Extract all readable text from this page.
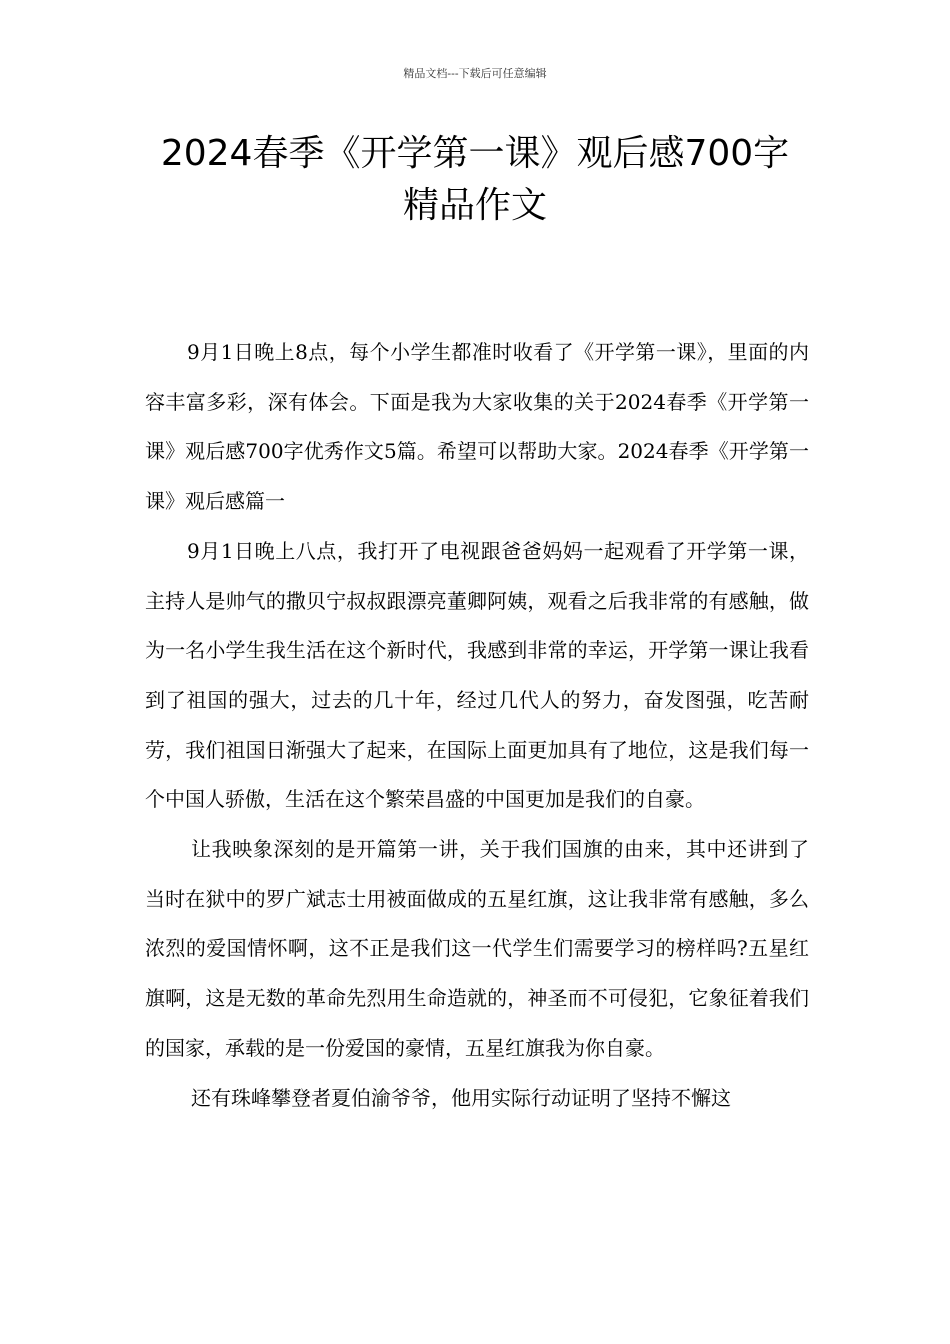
精品文档---下载后可任意编辑
2024春季《开学第一课》观后感700字
精品作文

9月1日晚上8点，每个小学生都准时收看了《开学第一课》，里面的内容丰富多彩，深有体会。下面是我为大家收集的关于2024春季《开学第一课》观后感700字优秀作文5篇。希望可以帮助大家。2024春季《开学第一课》观后感篇一

9月1日晚上八点，我打开了电视跟爸爸妈妈一起观看了开学第一课，主持人是帅气的撒贝宁叔叔跟漂亮董卿阿姨，观看之后我非常的有感触，做为一名小学生我生活在这个新时代，我感到非常的幸运，开学第一课让我看到了祖国的强大，过去的几十年，经过几代人的努力，奋发图强，吃苦耐劳，我们祖国日渐强大了起来，在国际上面更加具有了地位，这是我们每一个中国人骄傲，生活在这个繁荣昌盛的中国更加是我们的自豪。

让我映象深刻的是开篇第一讲，关于我们国旗的由来，其中还讲到了当时在狱中的罗广斌志士用被面做成的五星红旗，这让我非常有感触，多么浓烈的爱国情怀啊，这不正是我们这一代学生们需要学习的榜样吗?五星红旗啊，这是无数的革命先烈用生命造就的，神圣而不可侵犯，它象征着我们的国家，承载的是一份爱国的豪情，五星红旗我为你自豪。

还有珠峰攀登者夏伯渝爷爷，他用实际行动证明了坚持不懈这
